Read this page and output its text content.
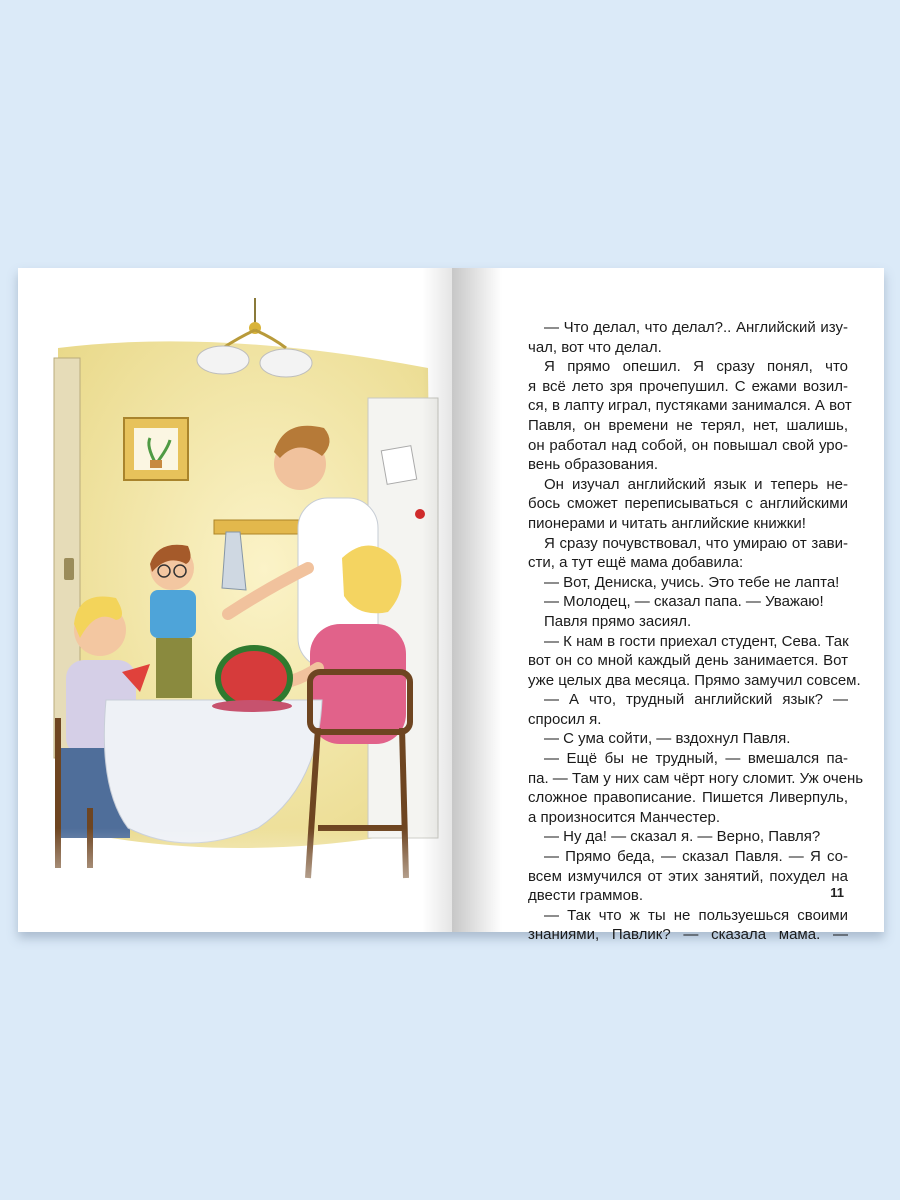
— Что делал, что делал?.. Английский изу-
чал, вот что делал.
Я прямо опешил. Я сразу понял, что
я всё лето зря прочепушил. С ежами возил-
ся, в лапту играл, пустяками занимался. А вот
Павля, он времени не терял, нет, шалишь,
он работал над собой, он повышал свой уро-
вень образования.
Он изучал английский язык и теперь не-
бось сможет переписываться с английскими
пионерами и читать английские книжки!
Я сразу почувствовал, что умираю от зави-
сти, а тут ещё мама добавила:
— Вот, Дениска, учись. Это тебе не лапта!
— Молодец, — сказал папа. — Уважаю!
Павля прямо засиял.
— К нам в гости приехал студент, Сева. Так
вот он со мной каждый день занимается. Вот
уже целых два месяца. Прямо замучил совсем.
— А что, трудный английский язык? —
спросил я.
— С ума сойти, — вздохнул Павля.
— Ещё бы не трудный, — вмешался па-
па. — Там у них сам чёрт ногу сломит. Уж очень
сложное правописание. Пишется Ливерпуль,
а произносится Манчестер.
— Ну да! — сказал я. — Верно, Павля?
— Прямо беда, — сказал Павля. — Я со-
всем измучился от этих занятий, похудел на
двести граммов.
— Так что ж ты не пользуешься своими
знаниями, Павлик? — сказала мама. —
11
